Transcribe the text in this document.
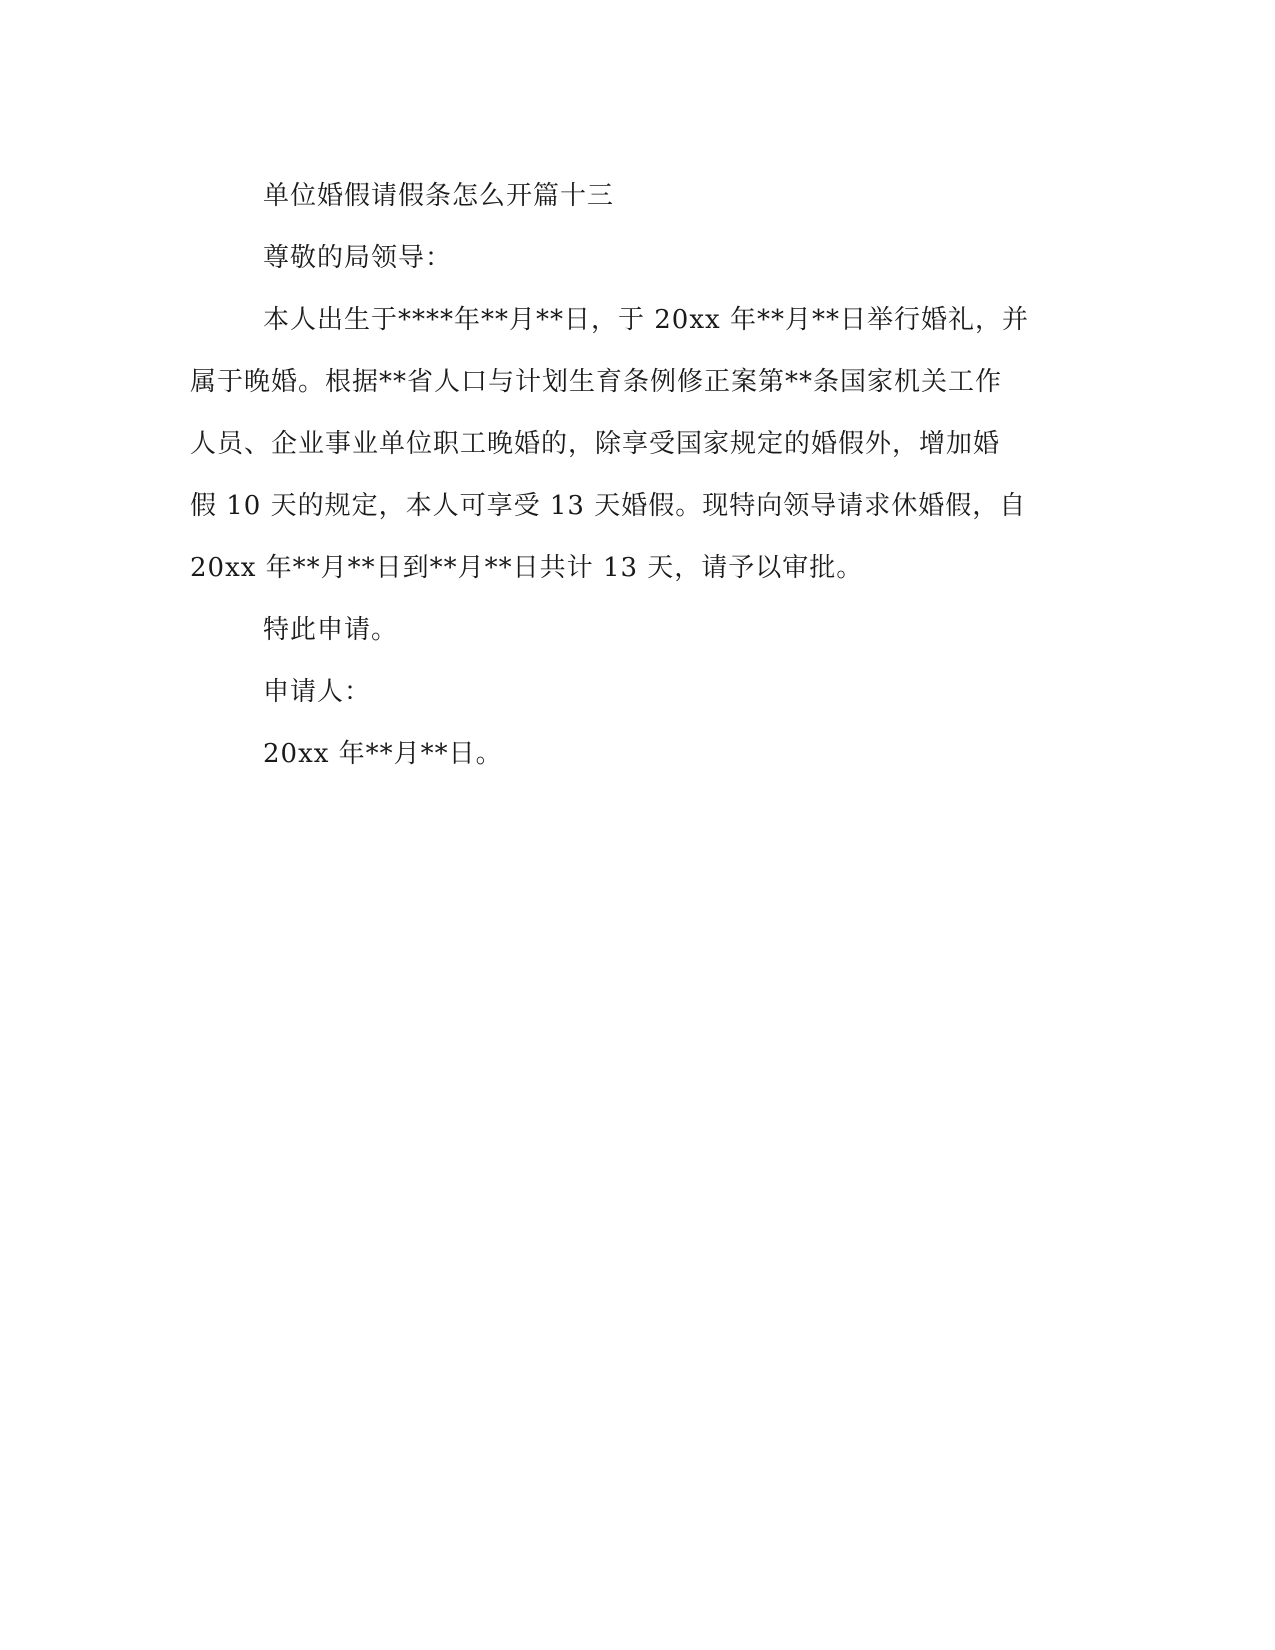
单位婚假请假条怎么开篇十三
尊敬的局领导：
本人出生于****年**月**日，于 20xx 年**月**日举行婚礼，并
属于晚婚。根据**省人口与计划生育条例修正案第**条国家机关工作
人员、企业事业单位职工晚婚的，除享受国家规定的婚假外，增加婚
假 10 天的规定，本人可享受 13 天婚假。现特向领导请求休婚假，自
20xx 年**月**日到**月**日共计 13 天，请予以审批。
特此申请。
申请人：
20xx 年**月**日。
